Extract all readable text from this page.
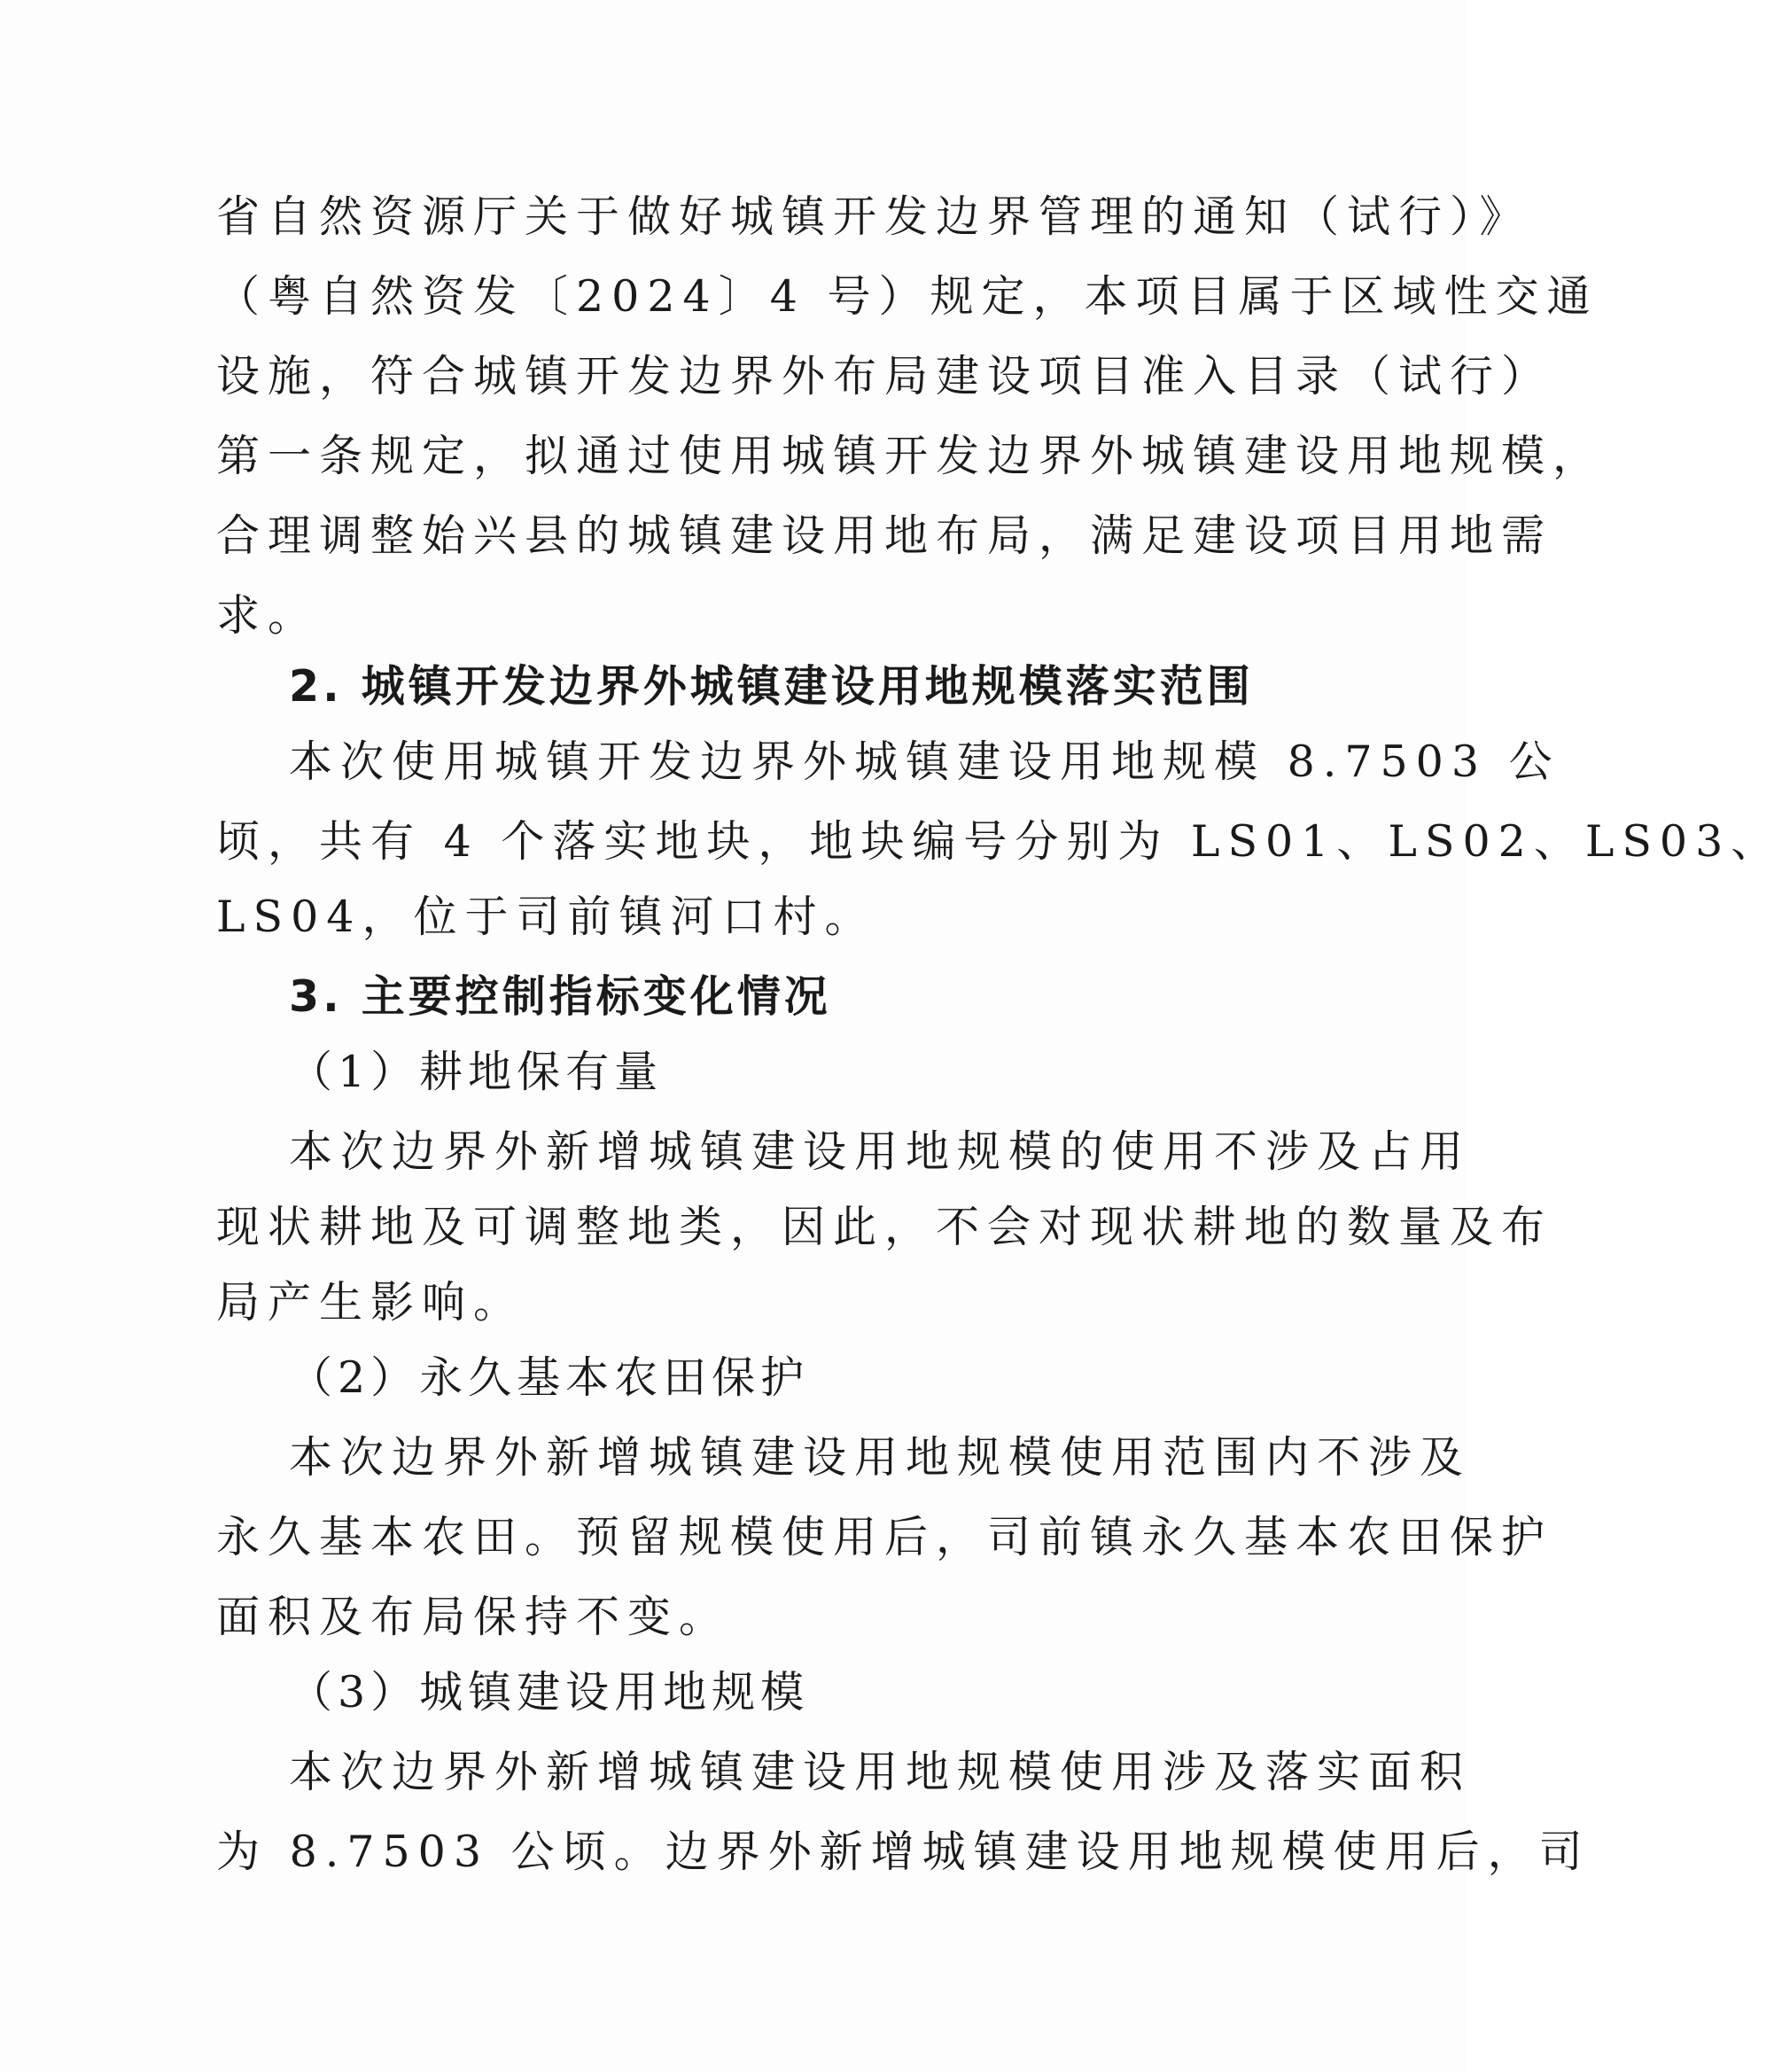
省自然资源厅关于做好城镇开发边界管理的通知（试行）》
（粤自然资发〔2024〕4 号）规定，本项目属于区域性交通
设施，符合城镇开发边界外布局建设项目准入目录（试行）
第一条规定，拟通过使用城镇开发边界外城镇建设用地规模，
合理调整始兴县的城镇建设用地布局，满足建设项目用地需
求。
2. 城镇开发边界外城镇建设用地规模落实范围
本次使用城镇开发边界外城镇建设用地规模 8.7503 公
顷，共有 4 个落实地块，地块编号分别为 LS01、LS02、LS03、
LS04，位于司前镇河口村。
3. 主要控制指标变化情况
（1）耕地保有量
本次边界外新增城镇建设用地规模的使用不涉及占用
现状耕地及可调整地类，因此，不会对现状耕地的数量及布
局产生影响。
（2）永久基本农田保护
本次边界外新增城镇建设用地规模使用范围内不涉及
永久基本农田。预留规模使用后，司前镇永久基本农田保护
面积及布局保持不变。
（3）城镇建设用地规模
本次边界外新增城镇建设用地规模使用涉及落实面积
为 8.7503 公顷。边界外新增城镇建设用地规模使用后，司
